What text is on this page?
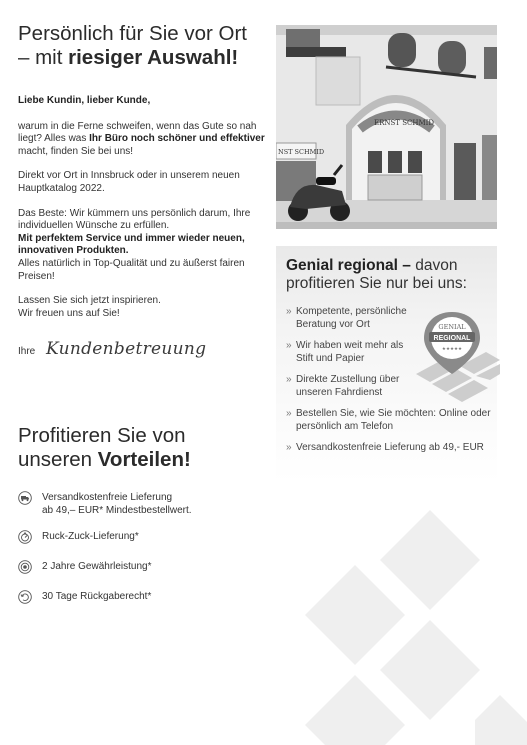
Persönlich für Sie vor Ort
– mit riesiger Auswahl!

Liebe Kundin, lieber Kunde,

warum in die Ferne schweifen, wenn das Gute so nah liegt? Alles was Ihr Büro noch schöner und effektiver macht, finden Sie bei uns!

Direkt vor Ort in Innsbruck oder in unserem neuen Hauptkatalog 2022.

Das Beste: Wir kümmern uns persönlich darum, Ihre individuellen Wünsche zu erfüllen.
Mit perfektem Service und immer wieder neuen, innovativen Produkten.
Alles natürlich in Top-Qualität und zu äußerst fairen Preisen!

Lassen Sie sich jetzt inspirieren.
Wir freuen uns auf Sie!

Ihre Kundenbetreuung
ERNST SCHMID
NST SCHMID

Genial regional – davon
profitieren Sie nur bei uns:

» Kompetente, persönliche Beratung vor Ort
» Wir haben weit mehr als Stift und Papier
» Direkte Zustellung über unseren Fahrdienst
» Bestellen Sie, wie Sie möchten: Online oder persönlich am Telefon
» Versandkostenfreie Lieferung ab 49,- EUR
GENIAL
REGIONAL
★★★★★
Profitieren Sie von
unseren Vorteilen!
Versandkostenfreie Lieferung
ab 49,– EUR* Mindestbestellwert.
Ruck-Zuck-Lieferung*
2 Jahre Gewährleistung*
30 Tage Rückgaberecht*
